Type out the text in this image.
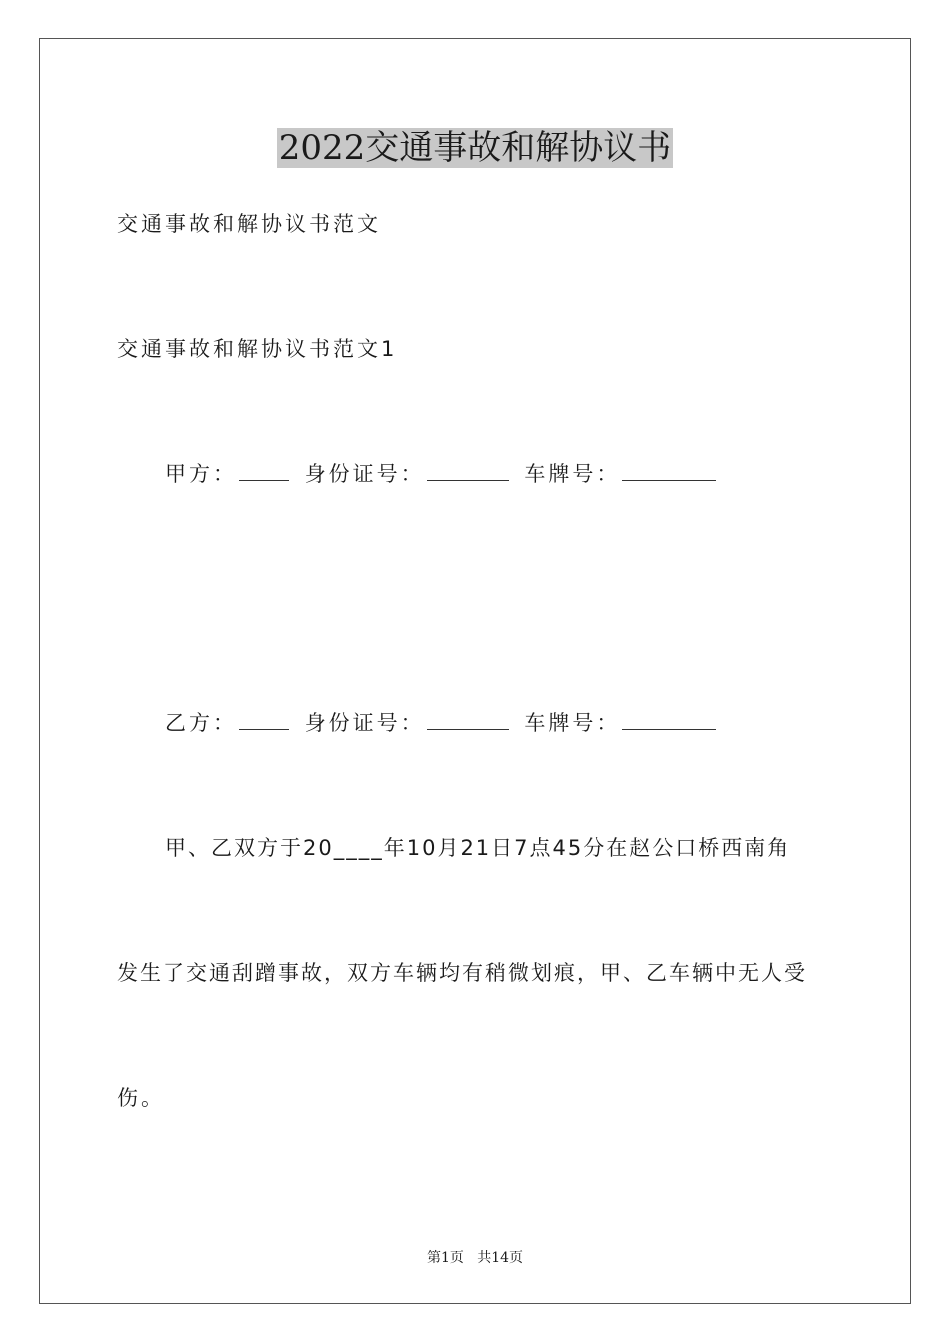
2022交通事故和解协议书
交通事故和解协议书范文
交通事故和解协议书范文1
甲方：	身份证号：	车牌号：
乙方：	身份证号：	车牌号：
甲、乙双方于20____年10月21日7点45分在赵公口桥西南角
发生了交通刮蹭事故，双方车辆均有稍微划痕，甲、乙车辆中无人受
伤。
第1页   共14页
